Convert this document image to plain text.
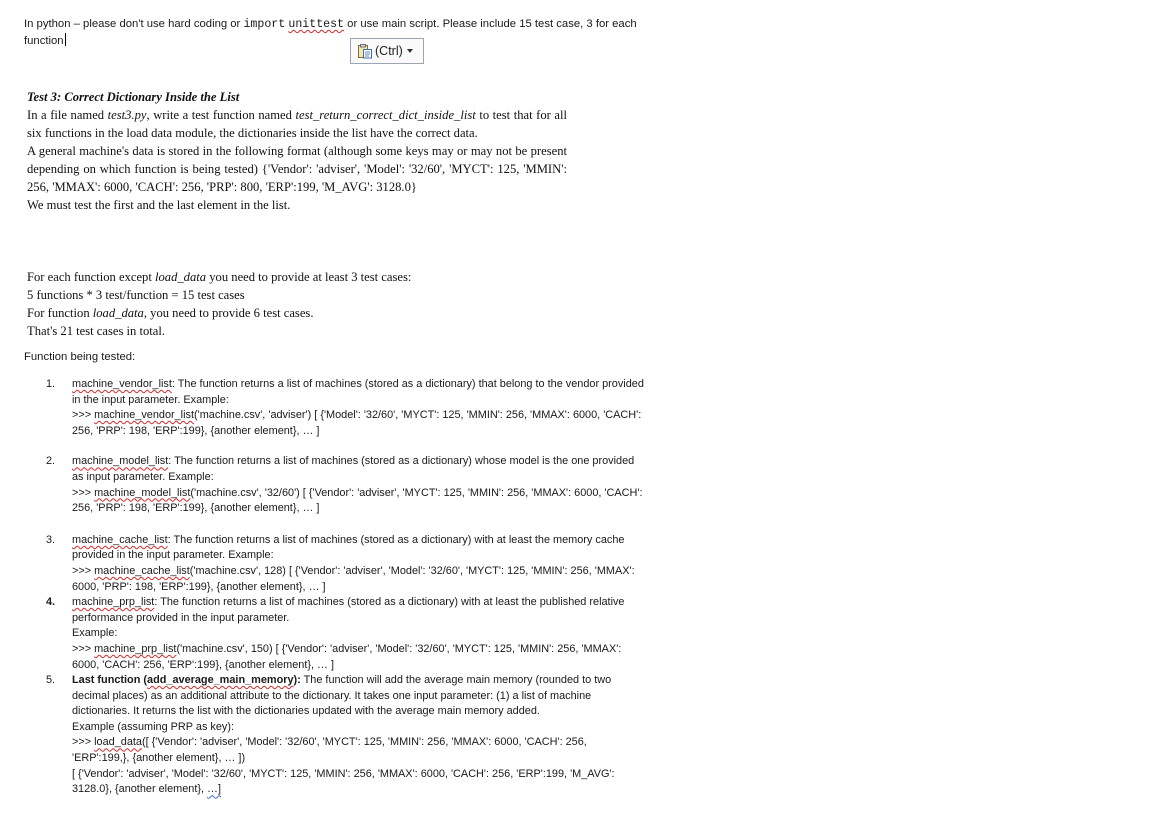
In python – please don't use hard coding or import unittest or use main script. Please include 15 test case, 3 for each
function
(Ctrl)

Test 3: Correct Dictionary Inside the List

In a file named test3.py, write a test function named test_return_correct_dict_inside_list to test that for all six functions in the load data module, the dictionaries inside the list have the correct data.

A general machine's data is stored in the following format (although some keys may or may not be present depending on which function is being tested) {'Vendor': 'adviser', 'Model': '32/60', 'MYCT': 125, 'MMIN': 256, 'MMAX': 6000, 'CACH': 256, 'PRP': 800, 'ERP':199, 'M_AVG': 3128.0}

We must test the first and the last element in the list.

For each function except load_data you need to provide at least 3 test cases:

5 functions * 3 test/function = 15 test cases

For function load_data, you need to provide 6 test cases.

That's 21 test cases in total.

Function being tested:
1. machine_vendor_list: The function returns a list of machines (stored as a dictionary) that belong to the vendor provided in the input parameter. Example:

>>> machine_vendor_list('machine.csv', 'adviser') [ {'Model': '32/60', 'MYCT': 125, 'MMIN': 256, 'MMAX': 6000, 'CACH': 256, 'PRP': 198, 'ERP':199}, {another element}, … ]

2. machine_model_list: The function returns a list of machines (stored as a dictionary) whose model is the one provided as input parameter. Example:

>>> machine_model_list('machine.csv', '32/60') [ {'Vendor': 'adviser', 'MYCT': 125, 'MMIN': 256, 'MMAX': 6000, 'CACH': 256, 'PRP': 198, 'ERP':199}, {another element}, … ]

3. machine_cache_list: The function returns a list of machines (stored as a dictionary) with at least the memory cache provided in the input parameter. Example:

>>> machine_cache_list('machine.csv', 128) [ {'Vendor': 'adviser', 'Model': '32/60', 'MYCT': 125, 'MMIN': 256, 'MMAX': 6000, 'PRP': 198, 'ERP':199}, {another element}, … ]

4. machine_prp_list: The function returns a list of machines (stored as a dictionary) with at least the published relative performance provided in the input parameter.

Example:

>>> machine_prp_list('machine.csv', 150) [ {'Vendor': 'adviser', 'Model': '32/60', 'MYCT': 125, 'MMIN': 256, 'MMAX': 6000, 'CACH': 256, 'ERP':199}, {another element}, … ]

5. Last function (add_average_main_memory): The function will add the average main memory (rounded to two decimal places) as an additional attribute to the dictionary. It takes one input parameter: (1) a list of machine dictionaries. It returns the list with the dictionaries updated with the average main memory added.

Example (assuming PRP as key):

>>> load_data([ {'Vendor': 'adviser', 'Model': '32/60', 'MYCT': 125, 'MMIN': 256, 'MMAX': 6000, 'CACH': 256, 'ERP':199,}, {another element}, … ])

[ {'Vendor': 'adviser', 'Model': '32/60', 'MYCT': 125, 'MMIN': 256, 'MMAX': 6000, 'CACH': 256, 'ERP':199, 'M_AVG': 3128.0}, {another element}, …]
